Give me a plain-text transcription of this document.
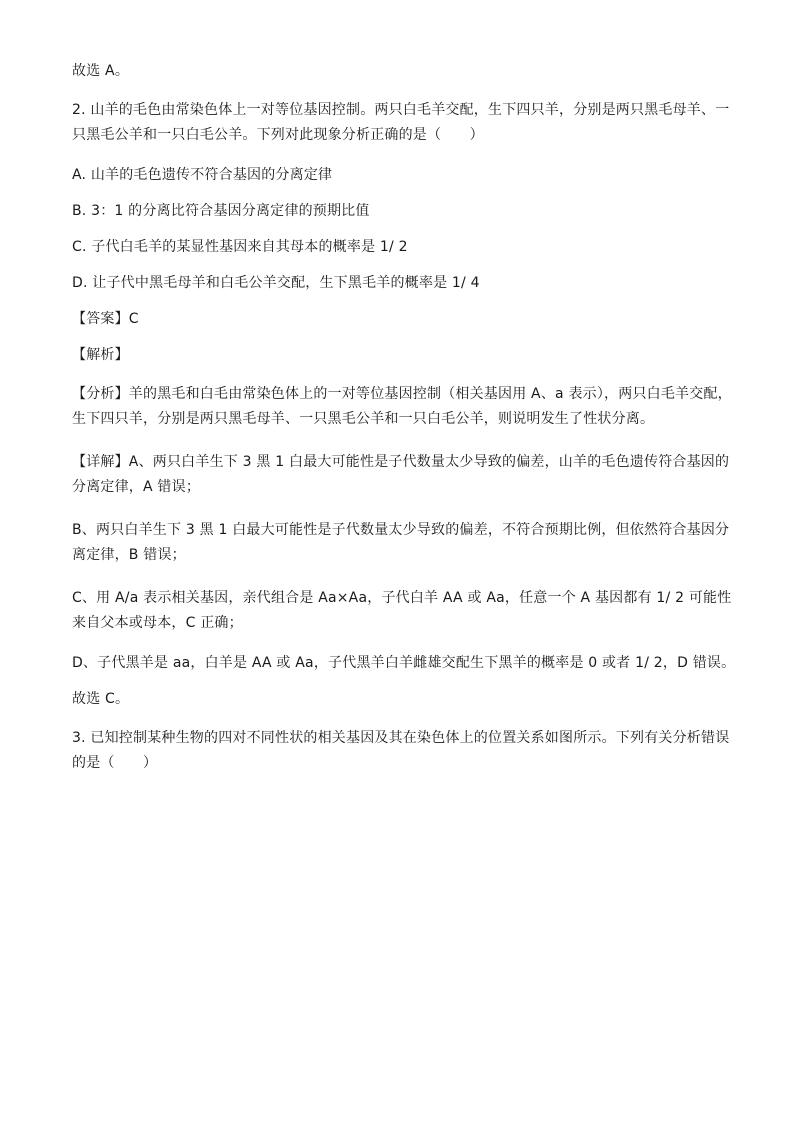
故选 A。

2. 山羊的毛色由常染色体上一对等位基因控制。两只白毛羊交配，生下四只羊，分别是两只黑毛母羊、一

只黑毛公羊和一只白毛公羊。下列对此现象分析正确的是（　　）

A. 山羊的毛色遗传不符合基因的分离定律

B. 3：1 的分离比符合基因分离定律的预期比值

C. 子代白毛羊的某显性基因来自其母本的概率是 1/ 2

D. 让子代中黑毛母羊和白毛公羊交配，生下黑毛羊的概率是 1/ 4

【答案】C

【解析】

【分析】羊的黑毛和白毛由常染色体上的一对等位基因控制（相关基因用 A、a 表示），两只白毛羊交配，

生下四只羊，分别是两只黑毛母羊、一只黑毛公羊和一只白毛公羊，则说明发生了性状分离。

【详解】A、两只白羊生下 3 黑 1 白最大可能性是子代数量太少导致的偏差，山羊的毛色遗传符合基因的

分离定律，A 错误；

B、两只白羊生下 3 黑 1 白最大可能性是子代数量太少导致的偏差，不符合预期比例，但依然符合基因分

离定律，B 错误；

C、用 A/a 表示相关基因，亲代组合是 Aa×Aa，子代白羊 AA 或 Aa，任意一个 A 基因都有 1/ 2 可能性

来自父本或母本，C 正确；

D、子代黑羊是 aa，白羊是 AA 或 Aa，子代黑羊白羊雌雄交配生下黑羊的概率是 0 或者 1/ 2，D 错误。

故选 C。

3. 已知控制某种生物的四对不同性状的相关基因及其在染色体上的位置关系如图所示。下列有关分析错误

的是（　　）
